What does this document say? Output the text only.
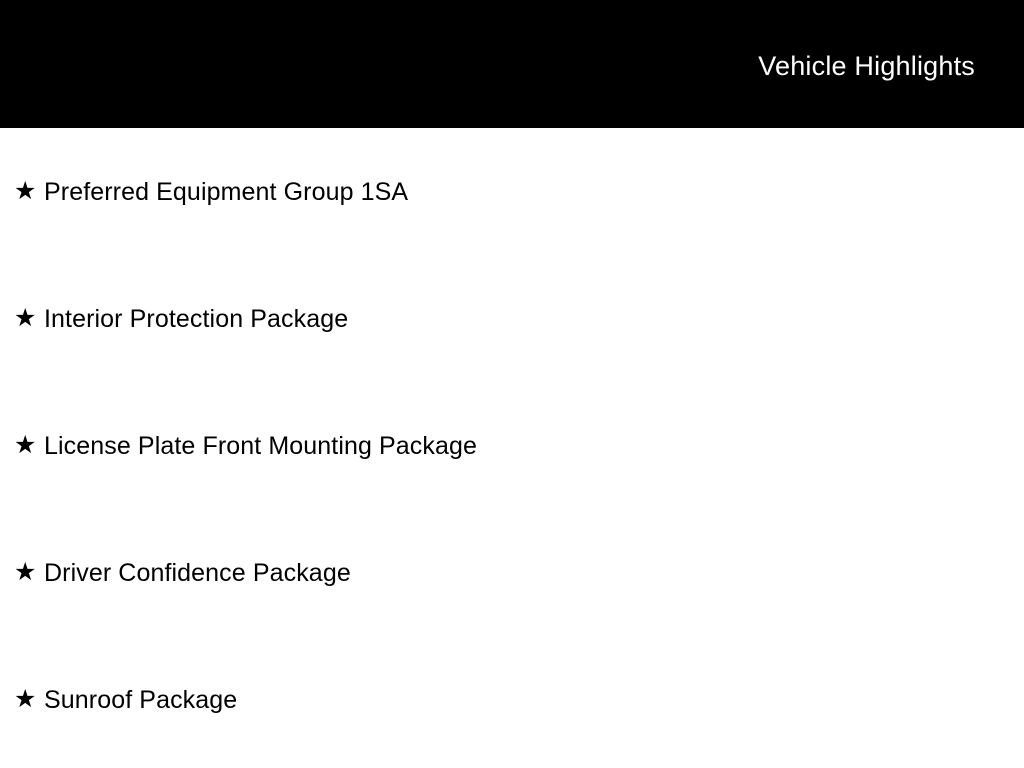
Vehicle Highlights
★ Preferred Equipment Group 1SA
★ Interior Protection Package
★ License Plate Front Mounting Package
★ Driver Confidence Package
★ Sunroof Package
